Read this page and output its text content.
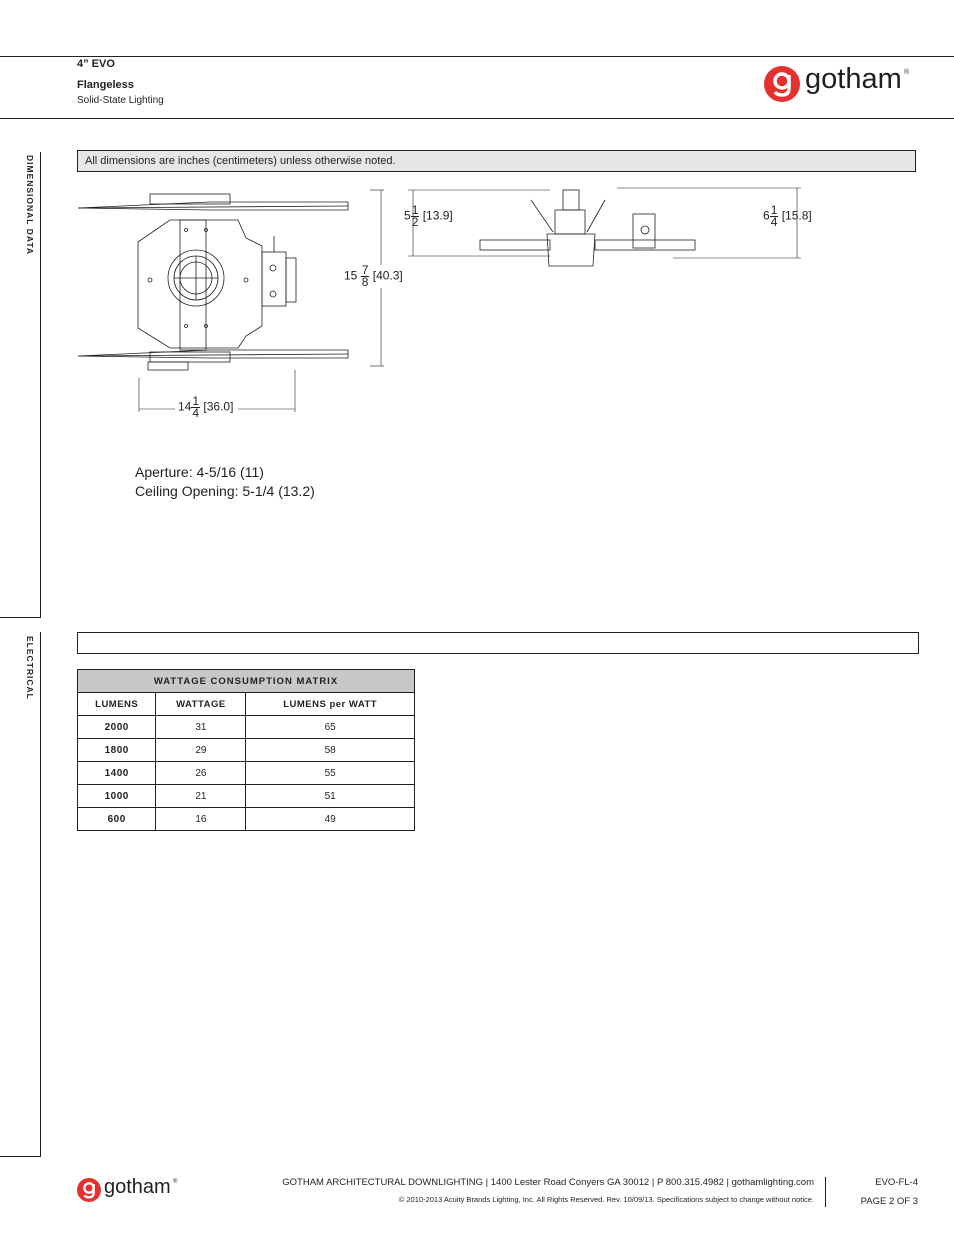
4” EVO
Flangeless
Solid-State Lighting
gotham ®
DIMENSIONAL DATA
ELECTRICAL
All dimensions are inches (centimeters) unless otherwise noted.
$15 \frac{7}{8} [40.3]$
$14 \frac{1}{4} [36.0]$
$5 \frac{1}{2} [13.9]$	$6 \frac{1}{4} [15.8]$
Aperture: 4-5/16 (11)
Ceiling Opening: 5-1/4 (13.2)
WATTAGE CONSUMPTION MATRIX		
LUMENS	WATTAGE	LUMENS per WATT
2000	31	65
1800	29	58
1400	26	55
1000	21	51
600	16	49
gotham ®	GOTHAM ARCHITECTURAL DOWNLIGHTING | 1400 Lester Road Conyers GA 30012 | P 800.315.4982 | gothamlighting.com
© 2010-2013 Acuity Brands Lighting, Inc. All Rights Reserved. Rev. 10/09/13. Specifications subject to change without notice.
EVO-FL-4
PAGE 2 OF 3
